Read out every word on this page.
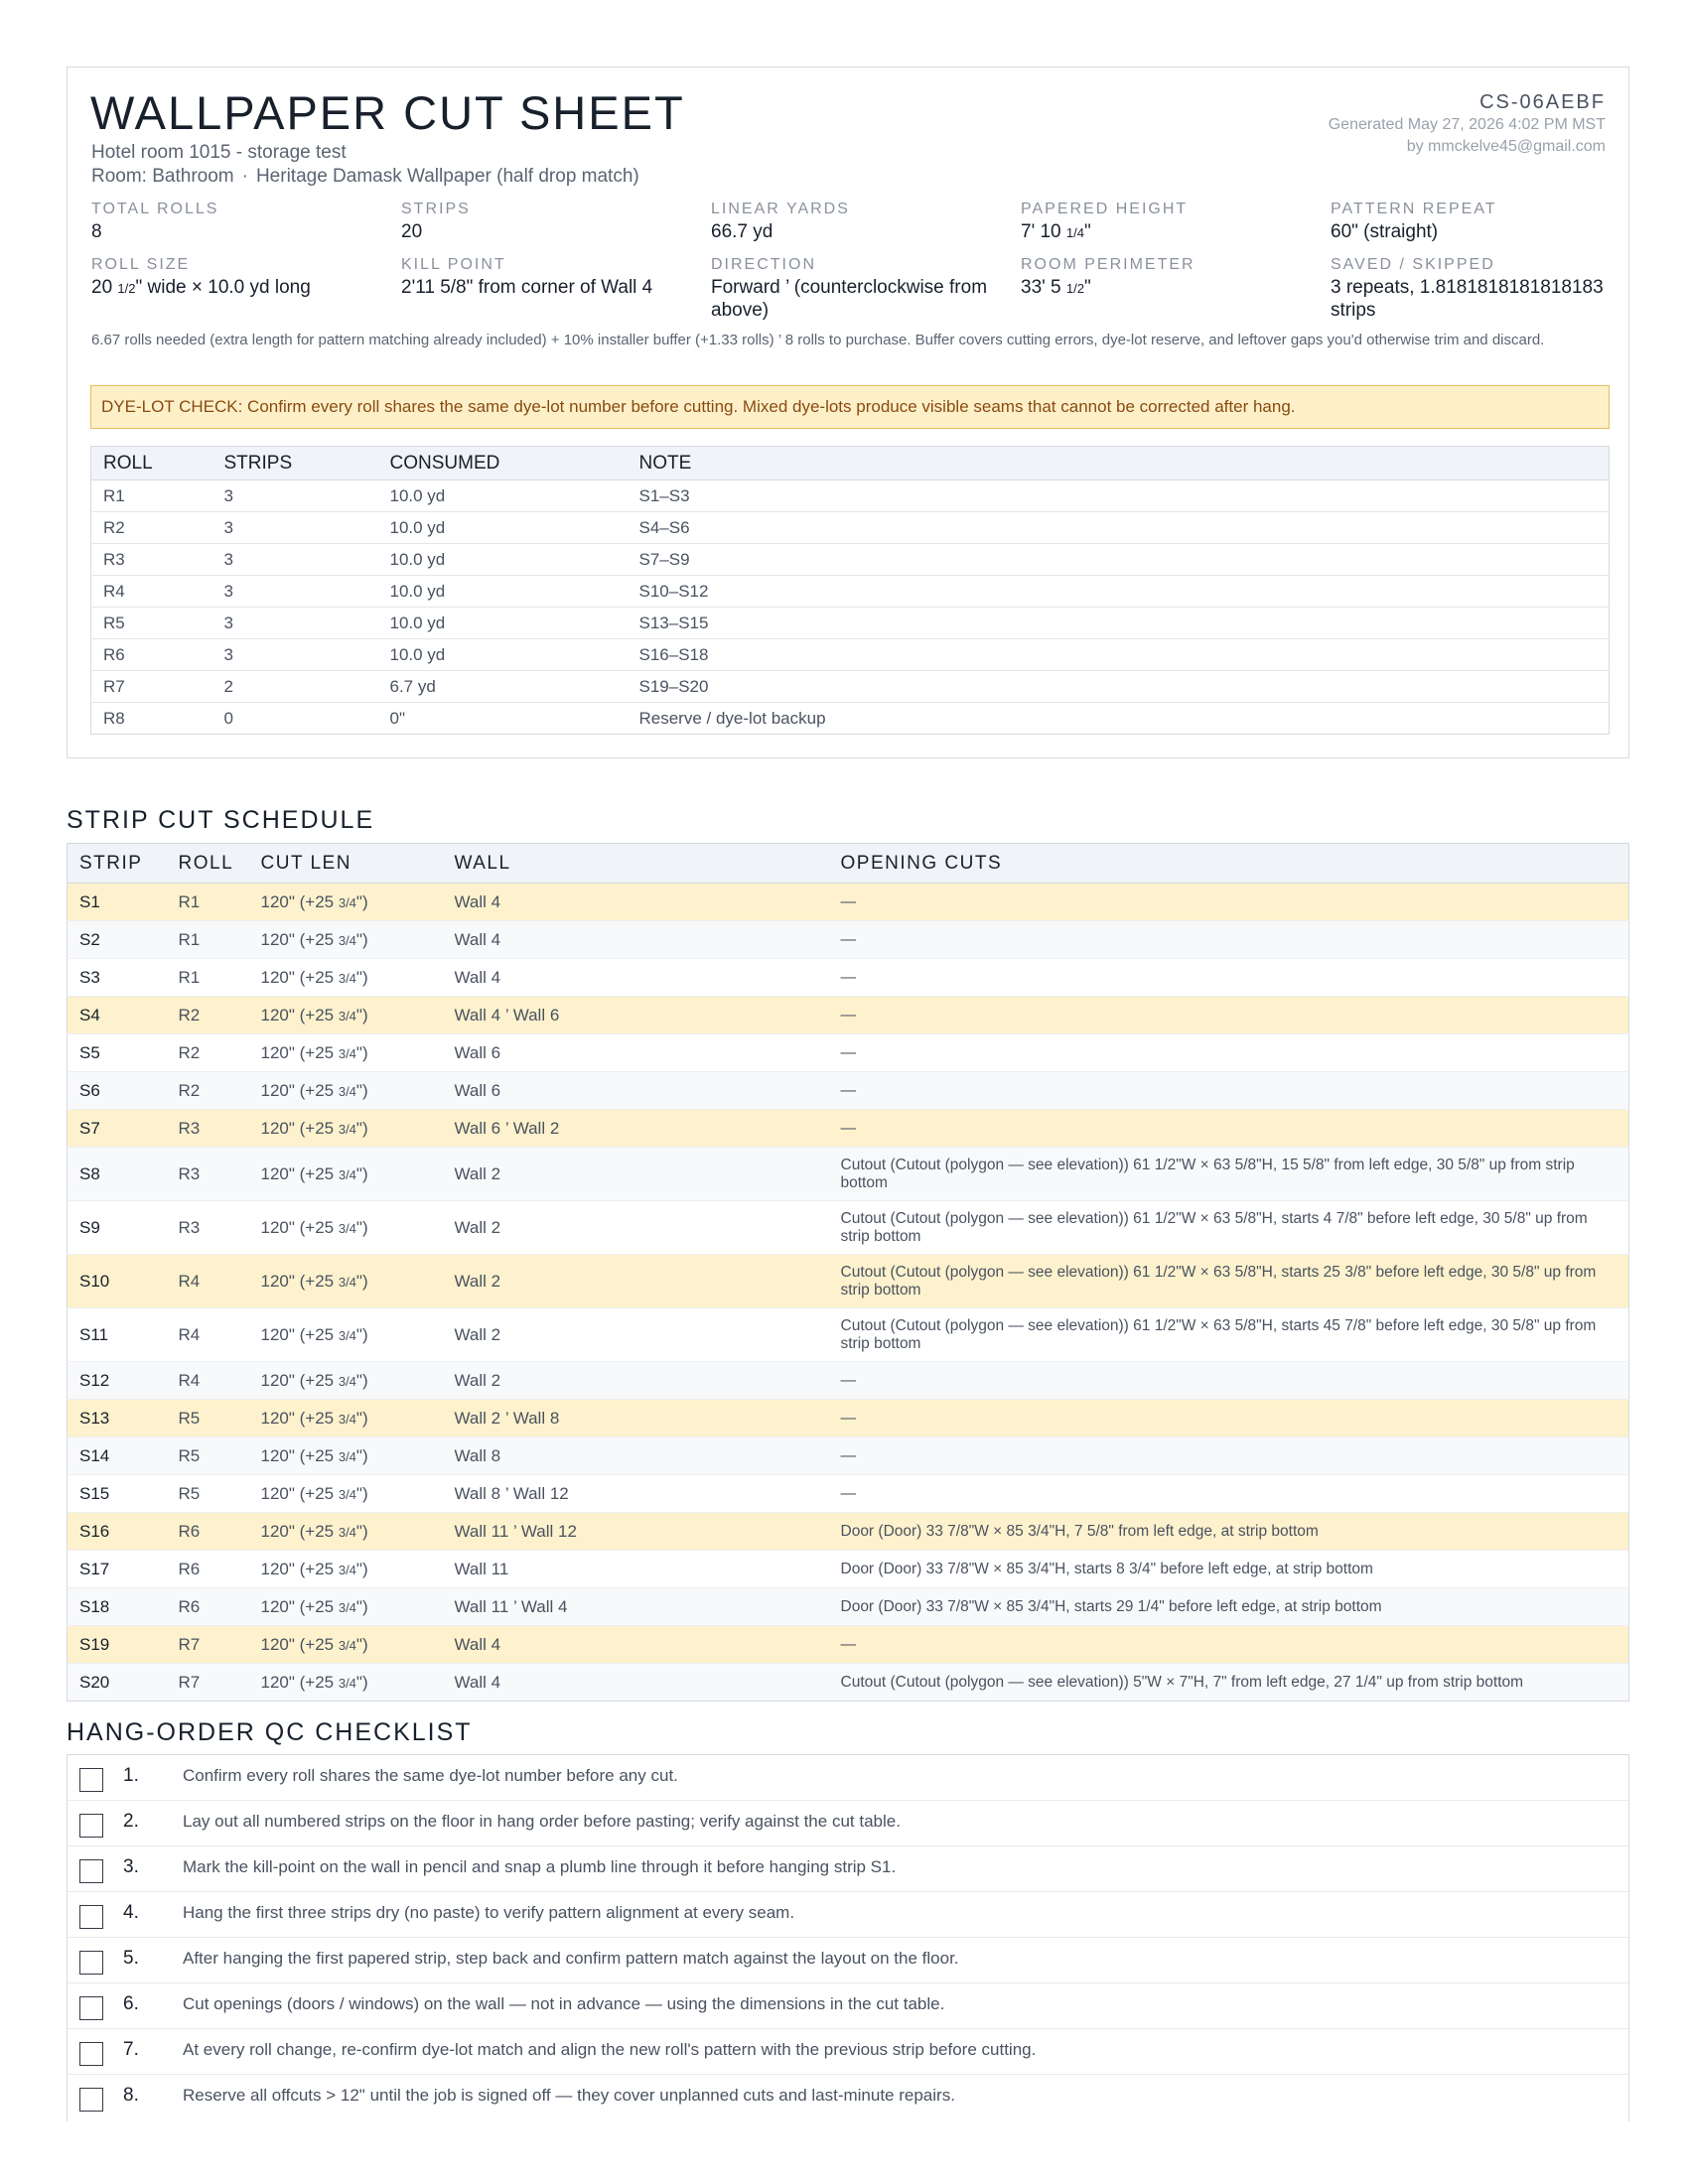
WALLPAPER CUT SHEET
Hotel room 1015 - storage test
Room: Bathroom · Heritage Damask Wallpaper (half drop match)
CS-06AEBF
Generated May 27, 2026 4:02 PM MST
by mmckelve45@gmail.com
TOTAL ROLLS
8
STRIPS
20
LINEAR YARDS
66.7 yd
PAPERED HEIGHT
7' 10 1/4"
PATTERN REPEAT
60" (straight)
ROLL SIZE
20 1/2" wide × 10.0 yd long
KILL POINT
2'11 5/8" from corner of Wall 4
DIRECTION
Forward ’ (counterclockwise from above)
ROOM PERIMETER
33' 5 1/2"
SAVED / SKIPPED
3 repeats, 1.8181818181818183 strips
6.67 rolls needed (extra length for pattern matching already included) + 10% installer buffer (+1.33 rolls) ’ 8 rolls to purchase. Buffer covers cutting errors, dye-lot reserve, and leftover gaps you'd otherwise trim and discard.
DYE-LOT CHECK: Confirm every roll shares the same dye-lot number before cutting. Mixed dye-lots produce visible seams that cannot be corrected after hang.
ROLL	STRIPS	CONSUMED	NOTE
R1	3	10.0 yd	S1–S3
R2	3	10.0 yd	S4–S6
R3	3	10.0 yd	S7–S9
R4	3	10.0 yd	S10–S12
R5	3	10.0 yd	S13–S15
R6	3	10.0 yd	S16–S18
R7	2	6.7 yd	S19–S20
R8	0	0"	Reserve / dye-lot backup
STRIP CUT SCHEDULE
STRIP	ROLL	CUT LEN	WALL	OPENING CUTS
S1	R1	120" (+25 3/4")	Wall 4	—
S2	R1	120" (+25 3/4")	Wall 4	—
S3	R1	120" (+25 3/4")	Wall 4	—
S4	R2	120" (+25 3/4")	Wall 4 ’ Wall 6	—
S5	R2	120" (+25 3/4")	Wall 6	—
S6	R2	120" (+25 3/4")	Wall 6	—
S7	R3	120" (+25 3/4")	Wall 6 ’ Wall 2	—
S8	R3	120" (+25 3/4")	Wall 2	Cutout (Cutout (polygon — see elevation)) 61 1/2"W × 63 5/8"H, 15 5/8" from left edge, 30 5/8" up from strip bottom
S9	R3	120" (+25 3/4")	Wall 2	Cutout (Cutout (polygon — see elevation)) 61 1/2"W × 63 5/8"H, starts 4 7/8" before left edge, 30 5/8" up from strip bottom
S10	R4	120" (+25 3/4")	Wall 2	Cutout (Cutout (polygon — see elevation)) 61 1/2"W × 63 5/8"H, starts 25 3/8" before left edge, 30 5/8" up from strip bottom
S11	R4	120" (+25 3/4")	Wall 2	Cutout (Cutout (polygon — see elevation)) 61 1/2"W × 63 5/8"H, starts 45 7/8" before left edge, 30 5/8" up from strip bottom
S12	R4	120" (+25 3/4")	Wall 2	—
S13	R5	120" (+25 3/4")	Wall 2 ’ Wall 8	—
S14	R5	120" (+25 3/4")	Wall 8	—
S15	R5	120" (+25 3/4")	Wall 8 ’ Wall 12	—
S16	R6	120" (+25 3/4")	Wall 11 ’ Wall 12	Door (Door) 33 7/8"W × 85 3/4"H, 7 5/8" from left edge, at strip bottom
S17	R6	120" (+25 3/4")	Wall 11	Door (Door) 33 7/8"W × 85 3/4"H, starts 8 3/4" before left edge, at strip bottom
S18	R6	120" (+25 3/4")	Wall 11 ’ Wall 4	Door (Door) 33 7/8"W × 85 3/4"H, starts 29 1/4" before left edge, at strip bottom
S19	R7	120" (+25 3/4")	Wall 4	—
S20	R7	120" (+25 3/4")	Wall 4	Cutout (Cutout (polygon — see elevation)) 5"W × 7"H, 7" from left edge, 27 1/4" up from strip bottom
HANG-ORDER QC CHECKLIST
1.	Confirm every roll shares the same dye-lot number before any cut.
2.	Lay out all numbered strips on the floor in hang order before pasting; verify against the cut table.
3.	Mark the kill-point on the wall in pencil and snap a plumb line through it before hanging strip S1.
4.	Hang the first three strips dry (no paste) to verify pattern alignment at every seam.
5.	After hanging the first papered strip, step back and confirm pattern match against the layout on the floor.
6.	Cut openings (doors / windows) on the wall — not in advance — using the dimensions in the cut table.
7.	At every roll change, re-confirm dye-lot match and align the new roll's pattern with the previous strip before cutting.
8.	Reserve all offcuts > 12" until the job is signed off — they cover unplanned cuts and last-minute repairs.
